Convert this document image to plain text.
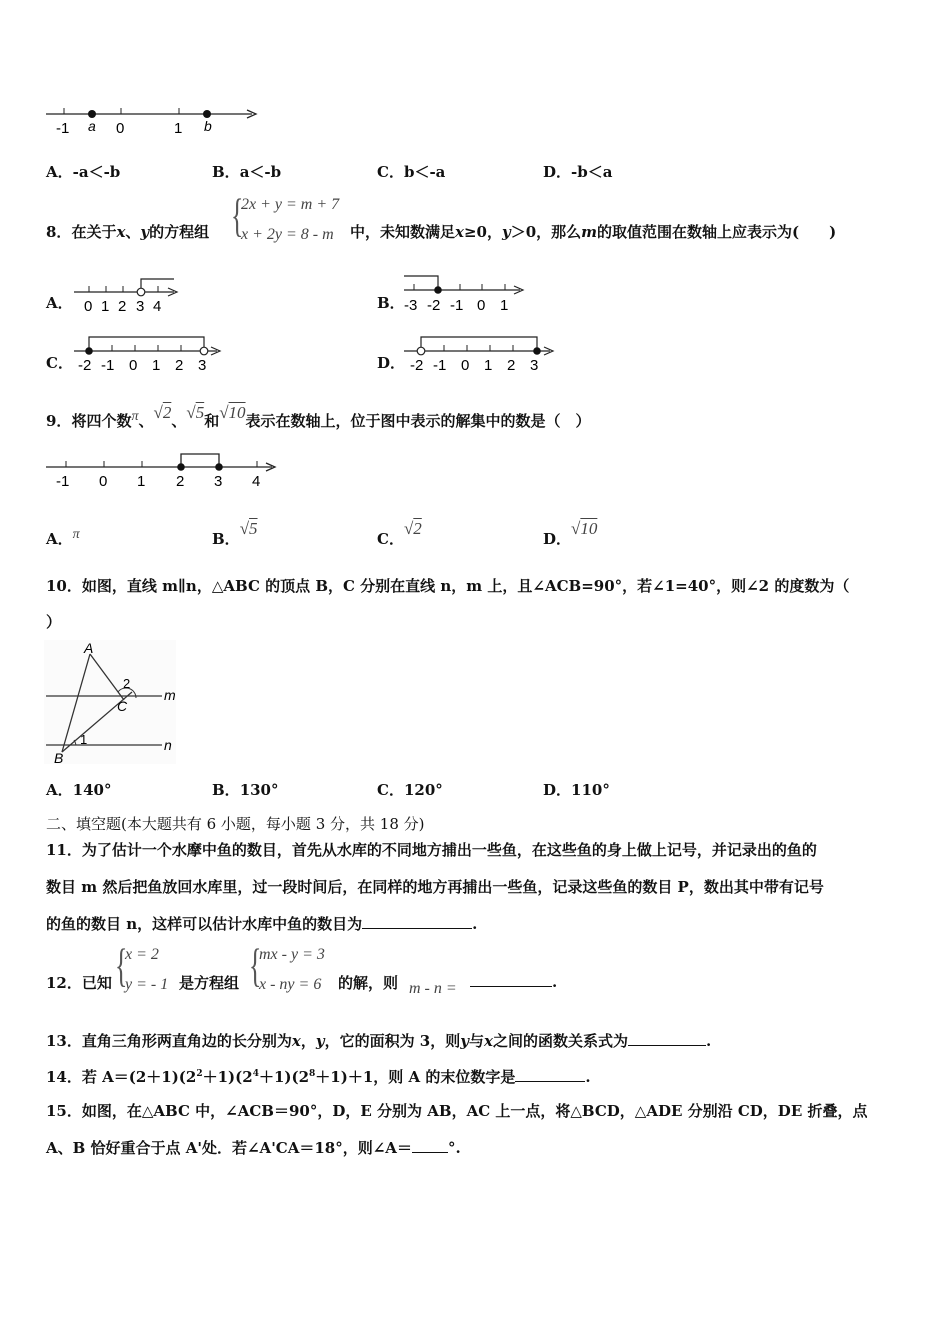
-1 a 0	1 b
A．-a＜-b	B．a＜-b	C．b＜-a	D．-b＜a
8．在关于x、y的方程组 {
2x + y = m + 7
x + 2y = 8 - m 中，未知数满足x≥0，y＞0，那么m的取值范围在数轴上应表示为(　　)
A． 0 1 2 3 4	B． -3 -2 -1 0 1
C． -2 -1 0 1 2 3	D． -2 -1 0 1 2 3
9．将四个数π、√2、√5和√10表示在数轴上，位于图中表示的解集中的数是（　）
-1 0 1 2 3 4
A．π	B．√5
C．√2
D．√10
10．如图，直线 m∥n，△ABC 的顶点 B，C 分别在直线 n，m 上，且∠ACB=90°，若∠1=40°，则∠2 的度数为（
）
A
B
C
1
2
m
n
A．140°	B．130°	C．120°	D．110°
二、填空题(本大题共有 6 小题，每小题 3 分，共 18 分)
11．为了估计一个水摩中鱼的数目，首先从水库的不同地方捕出一些鱼，在这些鱼的身上做上记号，并记录出的鱼的
数目 m 然后把鱼放回水库里，过一段时间后，在同样的地方再捕出一些鱼，记录这些鱼的数目 P，数出其中带有记号
的鱼的数目 n，这样可以估计水库中鱼的数目为	.
12．已知 {
x = 2
y = - 1 是方程组 {
mx - y = 3
x - ny = 6 的解，则 m - n =	.
13．直角三角形两直角边的长分别为x，y，它的面积为 3，则y与x之间的函数关系式为	.
14．若 $A=(2+1)(2^2+1)(2^4+1)(2^8+1)+1$，则 A 的末位数字是	.
15．如图，在△ABC 中，∠ACB＝90°，D，E 分别为 AB，AC 上一点，将△BCD，△ADE 分别沿 CD，DE 折叠，点
A、B 恰好重合于点 A'处．若∠A'CA＝18°，则∠A＝ °.
